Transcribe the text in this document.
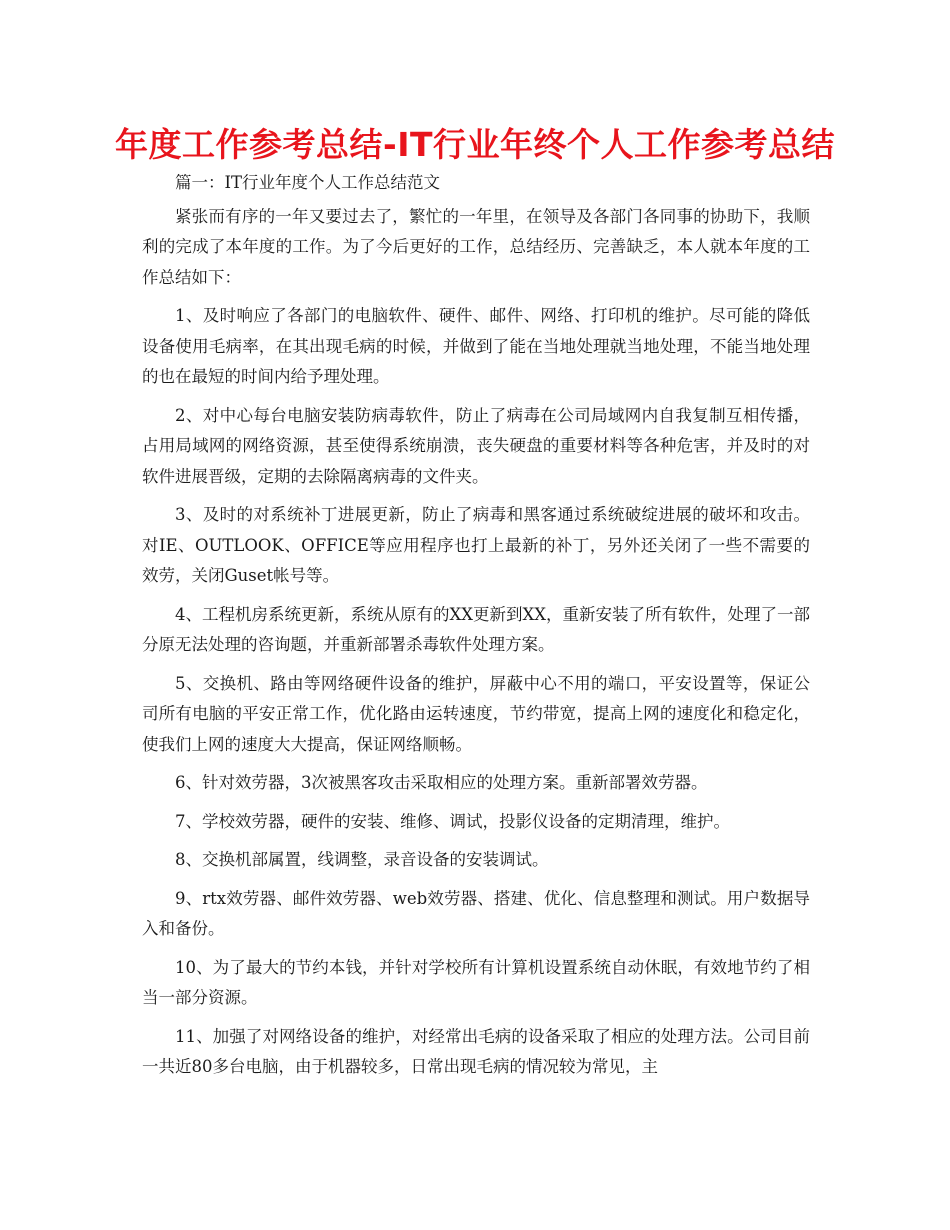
年度工作参考总结-IT行业年终个人工作参考总结

篇一：IT行业年度个人工作总结范文

紧张而有序的一年又要过去了，繁忙的一年里，在领导及各部门各同事的协助下，我顺利的完成了本年度的工作。为了今后更好的工作，总结经历、完善缺乏，本人就本年度的工作总结如下：

1、及时响应了各部门的电脑软件、硬件、邮件、网络、打印机的维护。尽可能的降低设备使用毛病率，在其出现毛病的时候，并做到了能在当地处理就当地处理，不能当地处理的也在最短的时间内给予理处理。

2、对中心每台电脑安装防病毒软件，防止了病毒在公司局域网内自我复制互相传播，占用局域网的网络资源，甚至使得系统崩溃，丧失硬盘的重要材料等各种危害，并及时的对软件进展晋级，定期的去除隔离病毒的文件夹。

3、及时的对系统补丁进展更新，防止了病毒和黑客通过系统破绽进展的破坏和攻击。对IE、OUTLOOK、OFFICE等应用程序也打上最新的补丁，另外还关闭了一些不需要的效劳，关闭Guset帐号等。

4、工程机房系统更新，系统从原有的XX更新到XX，重新安装了所有软件，处理了一部分原无法处理的咨询题，并重新部署杀毒软件处理方案。

5、交换机、路由等网络硬件设备的维护，屏蔽中心不用的端口，平安设置等，保证公司所有电脑的平安正常工作，优化路由运转速度，节约带宽，提高上网的速度化和稳定化，使我们上网的速度大大提高，保证网络顺畅。

6、针对效劳器，3次被黑客攻击采取相应的处理方案。重新部署效劳器。

7、学校效劳器，硬件的安装、维修、调试，投影仪设备的定期清理，维护。

8、交换机部属置，线调整，录音设备的安装调试。

9、rtx效劳器、邮件效劳器、web效劳器、搭建、优化、信息整理和测试。用户数据导入和备份。

10、为了最大的节约本钱，并针对学校所有计算机设置系统自动休眠，有效地节约了相当一部分资源。

11、加强了对网络设备的维护，对经常出毛病的设备采取了相应的处理方法。公司目前一共近80多台电脑，由于机器较多，日常出现毛病的情况较为常见，主
